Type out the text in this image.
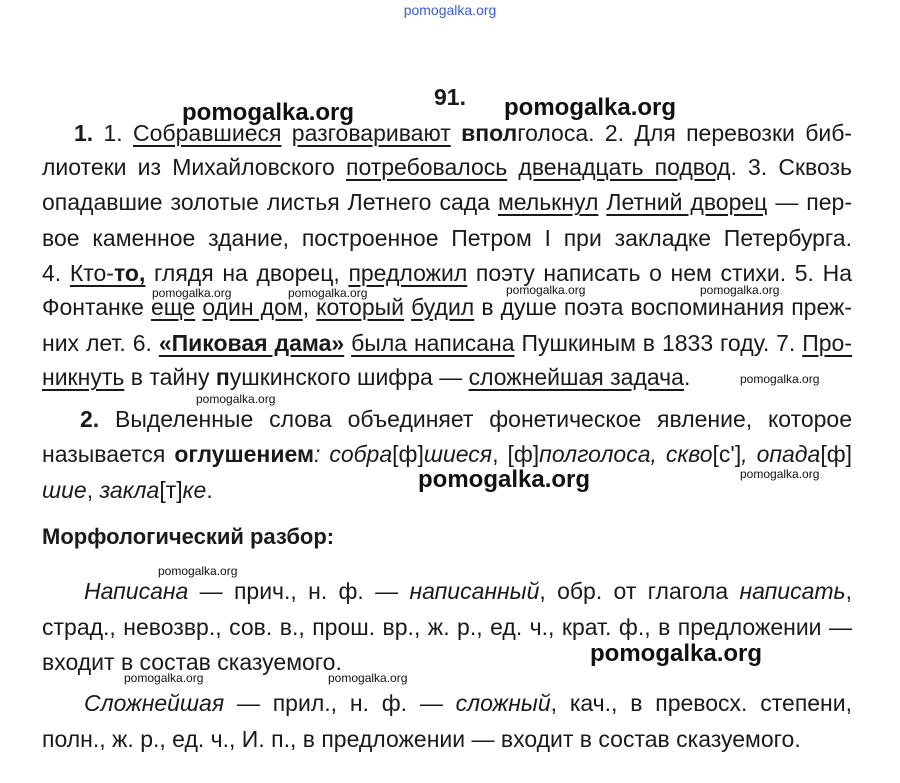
pomogalka.org
91.
1. 1. Собравшиеся разговаривают вполголоса. 2. Для перевозки биб-
лиотеки из Михайловского потребовалось двенадцать подвод. 3. Сквозь
опадавшие золотые листья Летнего сада мелькнул Летний дворец — пер-
вое каменное здание, построенное Петром I при закладке Петербурга.
4. Кто-то, глядя на дворец, предложил поэту написать о нем стихи. 5. На
Фонтанке еще один дом, который будил в душе поэта воспоминания преж-
них лет. 6. «Пиковая дама» была написана Пушкиным в 1833 году. 7. Про-
никнуть в тайну пушкинского шифра — сложнейшая задача.
2. Выделенные слова объединяет фонетическое явление, которое
называется оглушением: собра[ф]шиеся, [ф]полголоса, скво[с'], опада[ф]
шие, закла[т]ке.
Морфологический разбор:
Написана — прич., н. ф. — написанный, обр. от глагола написать,
страд., невозвр., сов. в., прош. вр., ж. р., ед. ч., крат. ф., в предложении —
входит в состав сказуемого.
Сложнейшая — прил., н. ф. — сложный, кач., в превосх. степени,
полн., ж. р., ед. ч., И. п., в предложении — входит в состав сказуемого.
pomogalka.org	pomogalka.org
pomogalka.org
pomogalka.org
pomogalka.org	pomogalka.org	pomogalka.org	pomogalka.org
pomogalka.org
pomogalka.org
pomogalka.org
pomogalka.org
pomogalka.org	pomogalka.org
